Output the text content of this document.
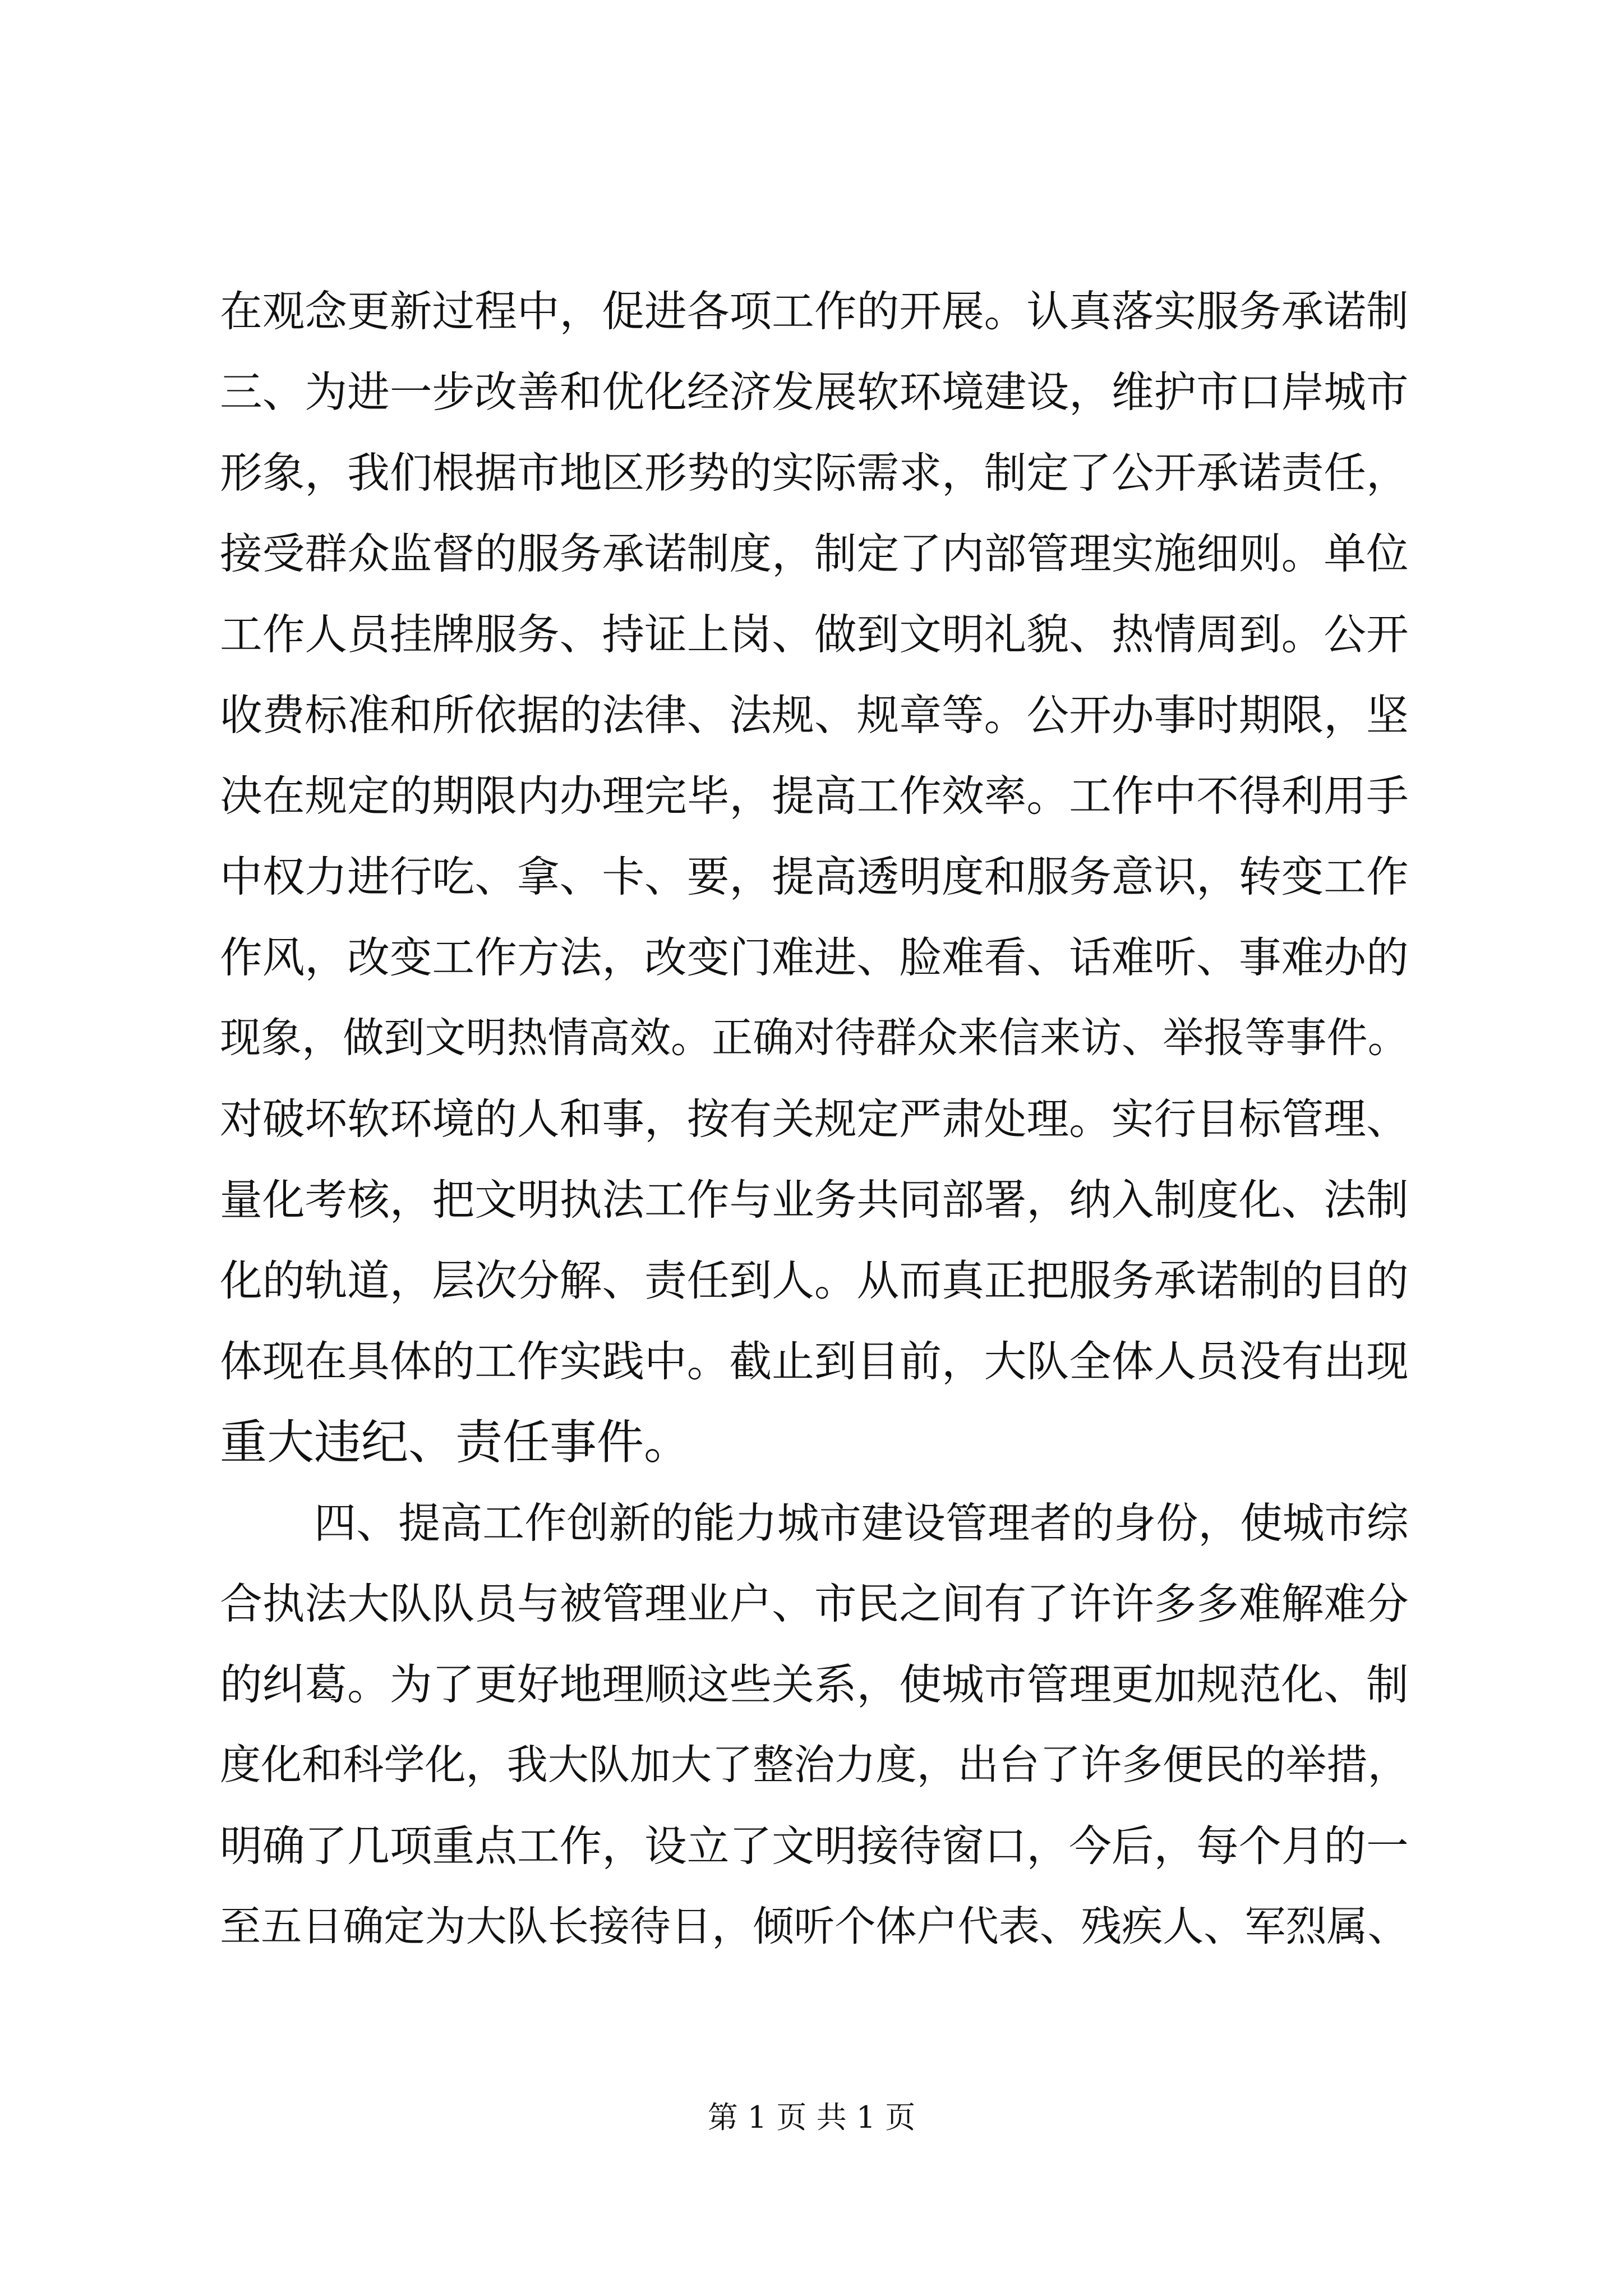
在观念更新过程中，促进各项工作的开展。认真落实服务承诺制
三、为进一步改善和优化经济发展软环境建设，维护市口岸城市
形象，我们根据市地区形势的实际需求，制定了公开承诺责任，
接受群众监督的服务承诺制度，制定了内部管理实施细则。单位
工作人员挂牌服务、持证上岗、做到文明礼貌、热情周到。公开
收费标准和所依据的法律、法规、规章等。公开办事时期限，坚
决在规定的期限内办理完毕，提高工作效率。工作中不得利用手
中权力进行吃、拿、卡、要，提高透明度和服务意识，转变工作
作风，改变工作方法，改变门难进、脸难看、话难听、事难办的
现象，做到文明热情高效。正确对待群众来信来访、举报等事件。
对破坏软环境的人和事，按有关规定严肃处理。实行目标管理、
量化考核，把文明执法工作与业务共同部署，纳入制度化、法制
化的轨道，层次分解、责任到人。从而真正把服务承诺制的目的
体现在具体的工作实践中。截止到目前，大队全体人员没有出现
重大违纪、责任事件。
四、提高工作创新的能力城市建设管理者的身份，使城市综
合执法大队队员与被管理业户、市民之间有了许许多多难解难分
的纠葛。为了更好地理顺这些关系，使城市管理更加规范化、制
度化和科学化，我大队加大了整治力度，出台了许多便民的举措，
明确了几项重点工作，设立了文明接待窗口，今后，每个月的一
至五日确定为大队长接待日，倾听个体户代表、残疾人、军烈属、
第 1 页 共 1 页
